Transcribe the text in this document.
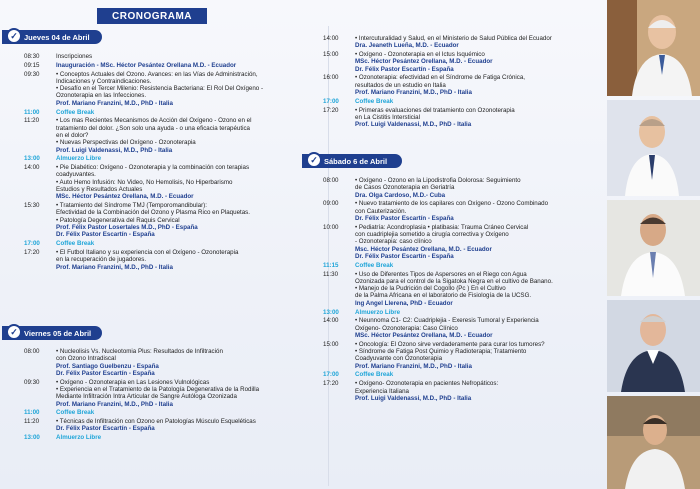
CRONOGRAMA
✓ Jueves 04 de Abril
08:30	Inscripciones
09:15	Inauguración - MSc. Héctor Pesántez Orellana M.D. - Ecuador
09:30	• Conceptos Actuales del Ozono. Avances: en las Vías de Administración,
Indicaciones y Contraindicaciones.
• Desafío en el Tercer Milenio: Resistencia Bacteriana: El Rol Del Oxígeno -
Ozonoterapia en las Infecciones.
Prof. Mariano Franzini, M.D., PhD - Italia
11:00	Coffee Break
11:20	• Los mas Recientes Mecanismos de Acción del Oxígeno - Ozono en el
tratamiento del dolor. ¿Son solo una ayuda - o una eficacia terapéutica
en el dolor?
• Nuevas Perspectivas del Oxígeno - Ozonoterapia
Prof. Luigi Valdenassi, M.D., PhD - Italia
13:00	Almuerzo Libre
14:00	• Pie Diabético: Oxígeno - Ozonoterapia y la combinación con terapias
coadyuvantes.
• Auto Hemo Infusión: No Video, No Hemolisis, No Hiperbarismo
Estudios y Resultados Actuales
MSc. Héctor Pesántez Orellana, M.D. - Ecuador
15:30	• Tratamiento del Síndrome TMJ (Temporomandibular):
Efectividad de la Combinación del Ozono y Plasma Rico en Plaquetas.
• Patología Degenerativa del Raquis Cervical
Prof. Félix Pastor Losertales M.D., PhD - España
Dr. Félix Pastor Escartín - España
17:00	Coffee Break
17:20	• El Futbol Italiano y su experiencia con el Oxígeno - Ozonoterapia
en la recuperación de jugadores.
Prof. Mariano Franzini, M.D., PhD - Italia
✓ Viernes 05 de Abril
08:00	• Nucleolisis Vs. Nucleotomia Plus: Resultados de Infiltración
con Ozono Intradiscal
Prof. Santiago Guelbenzu - España
Dr. Félix Pastor Escartín - España
09:30	• Oxígeno - Ozonoterapia en Las Lesiones Vulnológicas
• Experiencia en el Tratamiento de la Patología Degenerativa de la Rodilla
Mediante Infiltración Intra Articular de Sangre Autóloga Ozonizada
Prof. Mariano Franzini, M.D., PhD - Italia
11:00	Coffee Break
11:20	• Técnicas de Infiltración con Ozono en Patologías Músculo Esqueléticas
Dr. Félix Pastor Escartín - España
13:00	Almuerzo Libre
14:00	• Intercuturalidad y Salud, en el Ministerio de Salud Pública del Ecuador
Dra. Jeaneth Lueña, M.D. - Ecuador
15:00	• Oxígeno - Ozonoterapia en el Ictus Isquémico
MSc. Héctor Pesántez Orellana, M.D. - Ecuador
Dr. Félix Pastor Escartín - España
16:00	• Ozonoterapia: efectividad en el Síndrome de Fatiga Crónica,
resultados de un estudio en Italia
Prof. Mariano Franzini, M.D., PhD - Italia
17:00	Coffee Break
17:20	• Primeras evaluaciones del tratamiento con Ozonoterapia
en La Cistitis Intersticial
Prof. Luigi Valdenassi, M.D., PhD - Italia
✓ Sábado 6 de Abril
08:00	• Oxígeno - Ozono en la Lipodistrofia Dolorosa: Seguimiento
de Casos Ozonoterapia en Geriatría
Dra. Olga Cardoso, M.D.- Cuba
09:00	• Nuevo tratamiento de los capilares con Oxígeno - Ozono Combinado
con Cauterización.
Dr. Félix Pastor Escartín - España
10:00	• Pediatría: Acondroplasia • platibasia: Trauma Cráneo Cervical
con cuadriplejia sometido a cirugía correctiva y Oxígeno
- Ozonoterapia: caso clínico
Msc. Héctor Pesántez Orellana, M.D. - Ecuador
Dr. Félix Pastor Escartín - España
11:15	Coffee Break
11:30	• Uso de Diferentes Tipos de Aspersores en el Riego con Agua
Ozonizada para el control de la Sigatoka Negra en el cultivo de Banano.
• Manejo de la Pudrición del Cogollo (Pc ) En el Cultivo
de la Palma Africana en el laboratorio de Fisiología de la UCSG.
Ing Angel Llerena, PhD - Ecuador
13:00	Almuerzo Libre
14:00	• Neunnoma C1- C2: Cuadriplejia - Exeresis Tumoral y Experiencia
Oxígeno- Ozonoterapia: Caso Clínico
MSc. Héctor Pesántez Orellana, M.D. - Ecuador
15:00	• Oncología: El Ozono sirve verdaderamente para curar los tumores?
• Síndrome de Fatiga Post Quimio y Radioterapia; Tratamiento
Coadyuvante con Ozonoterapia
Prof. Mariano Franzini, M.D., PhD - Italia
17:00	Coffee Break
17:20	• Oxígeno- Ozonoterapia en pacientes Nefropáticos:
Experiencia Italiana
Prof. Luigi Valdenassi, M.D., PhD - Italia
